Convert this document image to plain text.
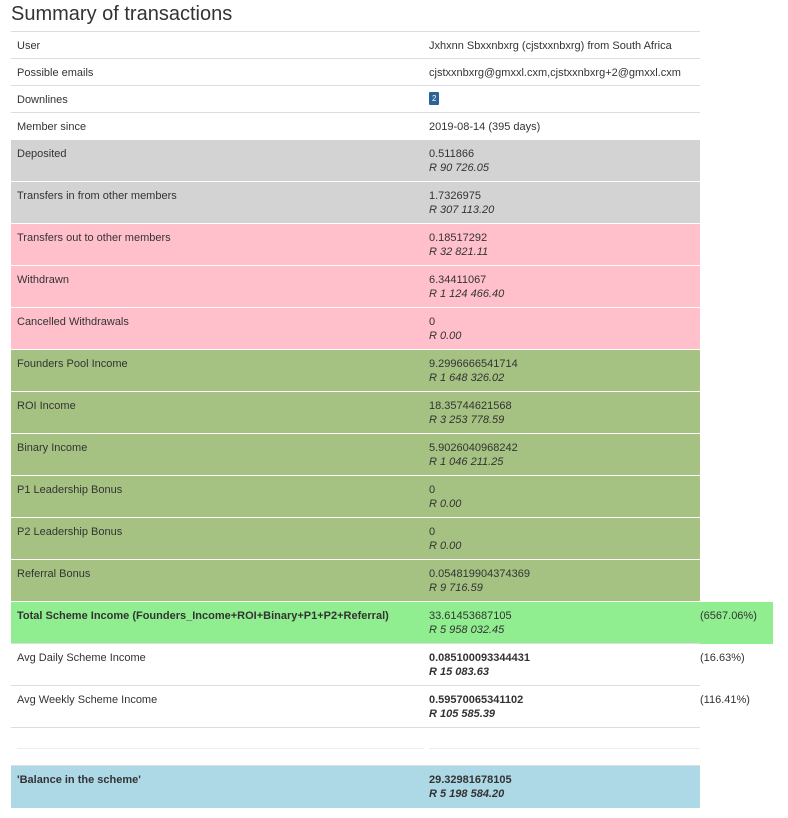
Summary of transactions
User	Jxhxnn Sbxxnbxrg (cjstxxnbxrg) from South Africa	
Possible emails	cjstxxnbxrg@gmxxl.cxm,cjstxxnbxrg+2@gmxxl.cxm	
Downlines	2	
Member since	2019-08-14 (395 days)	
Deposited	0.511866
R 90 726.05	

Transfers in from other members	1.7326975
R 307 113.20	

Transfers out to other members	0.18517292
R 32 821.11	

Withdrawn	6.34411067
R 1 124 466.40	

Cancelled Withdrawals	0
R 0.00	

Founders Pool Income	9.2996666541714
R 1 648 326.02	

ROI Income	18.35744621568
R 3 253 778.59	

Binary Income	5.9026040968242
R 1 046 211.25	

P1 Leadership Bonus	0
R 0.00	

P2 Leadership Bonus	0
R 0.00	

Referral Bonus	0.054819904374369
R 9 716.59	

Total Scheme Income (Founders_Income+ROI+Binary+P1+P2+Referral)	33.61453687105
R 5 958 032.45	(6567.06%)
Avg Daily Scheme Income	0.085100093344431
R 15 083.63	(16.63%)
Avg Weekly Scheme Income	0.59570065341102
R 105 585.39	(116.41%)

'Balance in the scheme'	29.32981678105
R 5 198 584.20	
